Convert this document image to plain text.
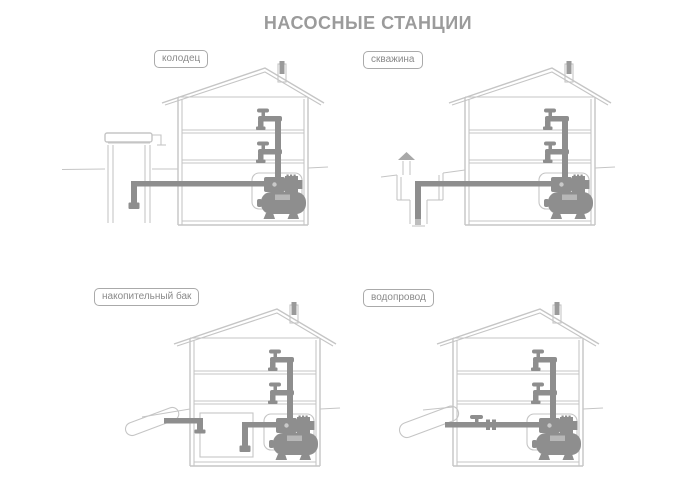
НАСОСНЫЕ СТАНЦИИ
колодец	скважина
накопительный бак	водопровод
